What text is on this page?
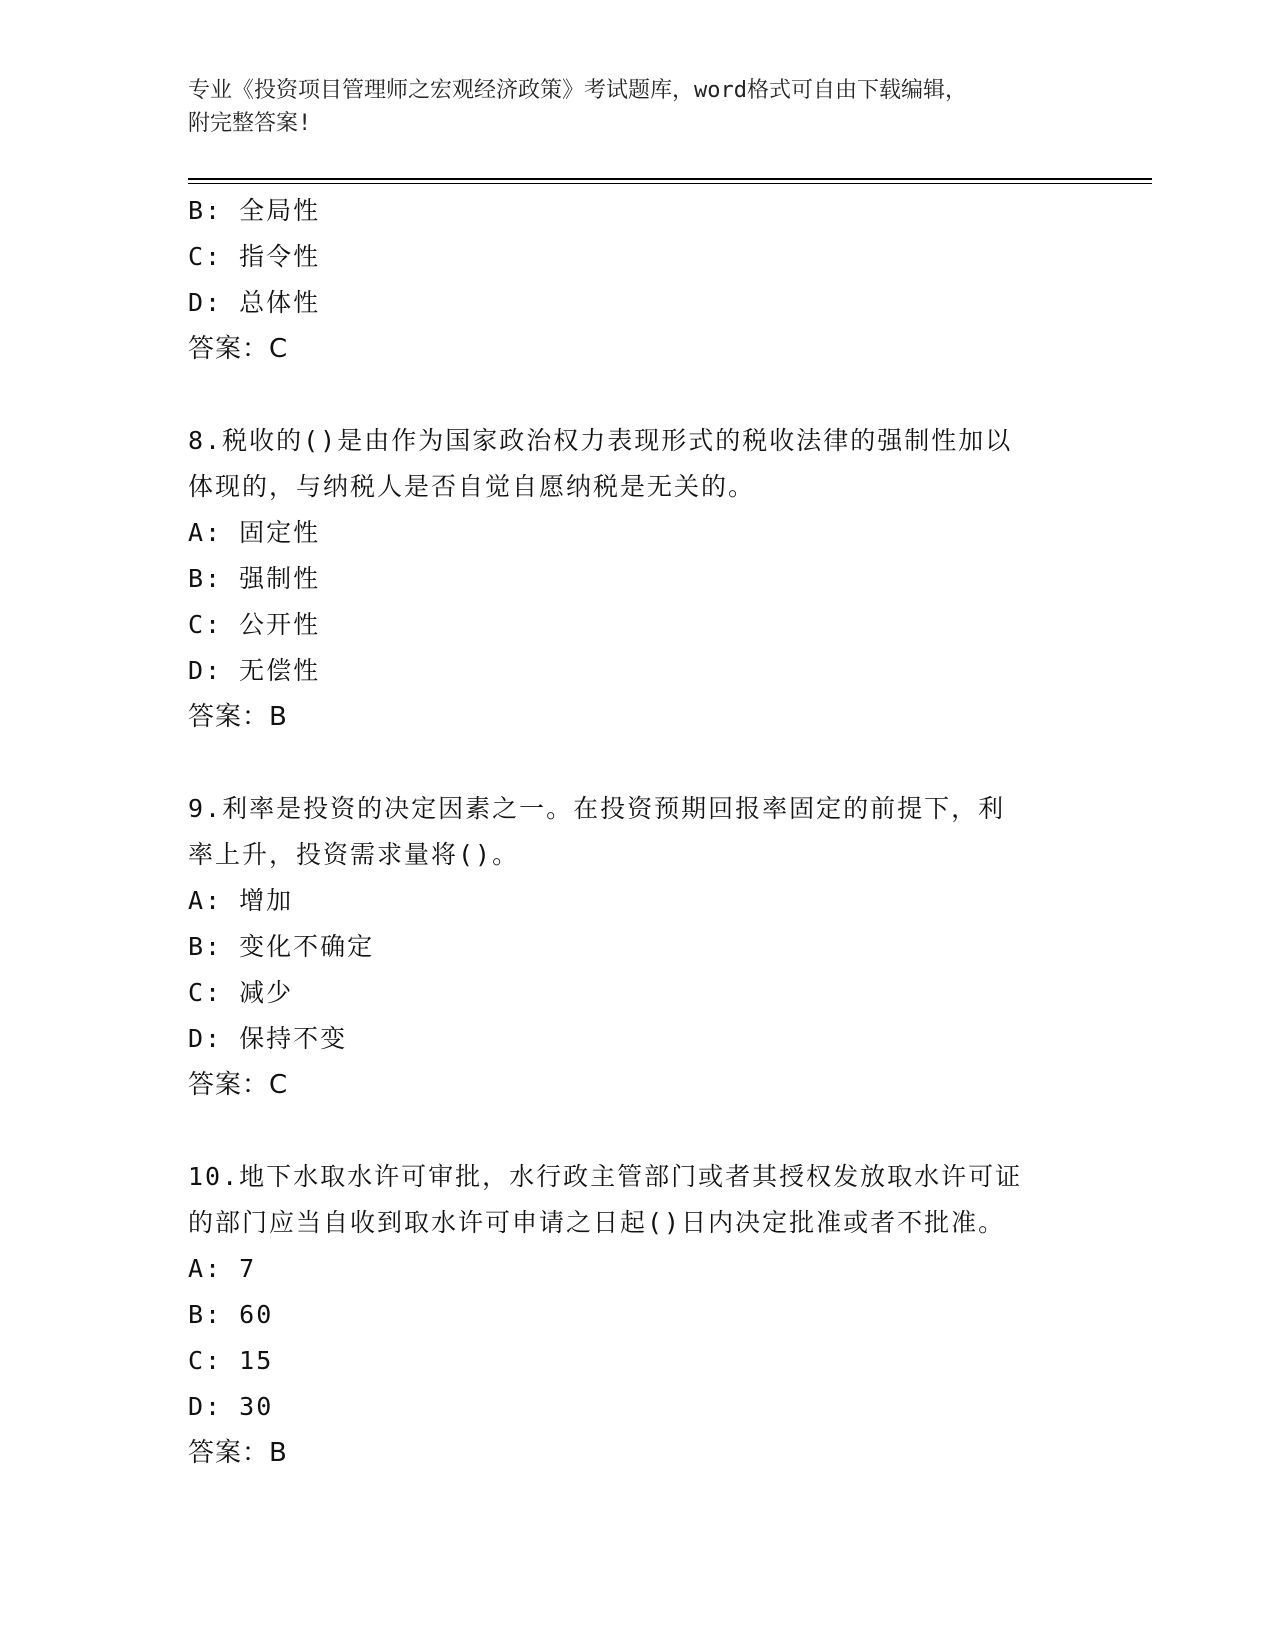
专业《投资项目管理师之宏观经济政策》考试题库，word格式可自由下载编辑，
附完整答案!
B: 全局性
C: 指令性
D: 总体性
答案：C
8.税收的()是由作为国家政治权力表现形式的税收法律的强制性加以
体现的，与纳税人是否自觉自愿纳税是无关的。
A: 固定性
B: 强制性
C: 公开性
D: 无偿性
答案：B
9.利率是投资的决定因素之一。在投资预期回报率固定的前提下，利
率上升，投资需求量将()。
A: 增加
B: 变化不确定
C: 减少
D: 保持不变
答案：C
10.地下水取水许可审批，水行政主管部门或者其授权发放取水许可证
的部门应当自收到取水许可申请之日起()日内决定批准或者不批准。
A: 7
B: 60
C: 15
D: 30
答案：B
